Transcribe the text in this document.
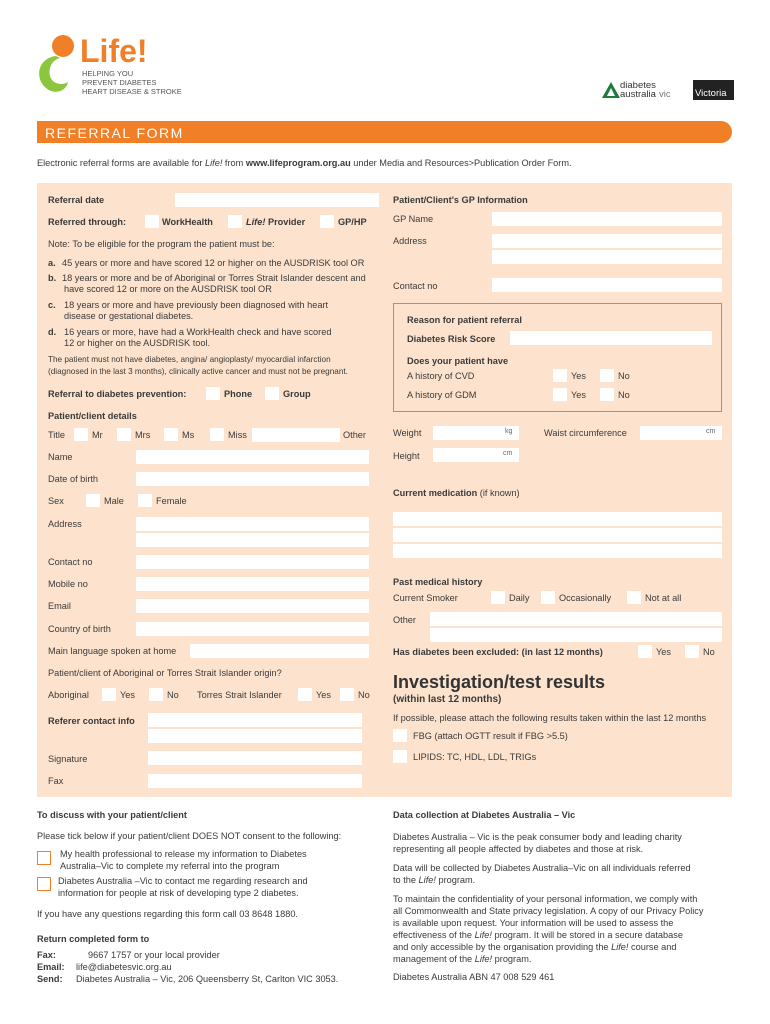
Life!
HELPING YOU
PREVENT DIABETES
HEART DISEASE & STROKE
diabetes
australia vic	Victoria
REFERRAL FORM
Electronic referral forms are available for Life! from www.lifeprogram.org.au under Media and Resources>Publication Order Form.
Referral date
Referred through:	WorkHealth	Life! Provider	GP/HP
Note: To be eligible for the program the patient must be:
a. 45 years or more and have scored 12 or higher on the AUSDRISK tool OR
b. 18 years or more and be of Aboriginal or Torres Strait Islander descent and
have scored 12 or more on the AUSDRISK tool OR
c. 18 years or more and have previously been diagnosed with heart
disease or gestational diabetes.
d. 16 years or more, have had a WorkHealth check and have scored
12 or higher on the AUSDRISK tool.
The patient must not have diabetes, angina/ angioplasty/ myocardial infarction
(diagnosed in the last 3 months), clinically active cancer and must not be pregnant.
Referral to diabetes prevention:	Phone	Group
Patient/client details
Title	Mr	Mrs	Ms	Miss	Other
Name
Date of birth
Sex	Male	Female
Address
Contact no
Mobile no
Email
Country of birth
Main language spoken at home
Patient/client of Aboriginal or Torres Strait Islander origin?
Aboriginal	Yes	No Torres Strait Islander	Yes	No
Referer contact info
Signature
Fax
Patient/Client's GP Information
GP Name
Address
Contact no
Reason for patient referral
Diabetes Risk Score
Does your patient have
A history of CVD	Yes	No
A history of GDM	Yes	No
Weight	kg	Waist circumference	cm
Height	cm
Current medication (if known)
Past medical history
Current Smoker	Daily	Occasionally	Not at all
Other
Has diabetes been excluded: (in last 12 months)	Yes	No
Investigation/test results
(within last 12 months)
If possible, please attach the following results taken within the last 12 months
FBG (attach OGTT result if FBG >5.5)
LIPIDS: TC, HDL, LDL, TRIGs
To discuss with your patient/client
Please tick below if your patient/client DOES NOT consent to the following:
My health professional to release my information to Diabetes
Australia–Vic to complete my referral into the program
Diabetes Australia –Vic to contact me regarding research and
information for people at risk of developing type 2 diabetes.
If you have any questions regarding this form call 03 8648 1880.
Return completed form to
Fax:	9667 1757 or your local provider
Email: life@diabetesvic.org.au
Send: Diabetes Australia – Vic, 206 Queensberry St, Carlton VIC 3053.
Data collection at Diabetes Australia – Vic
Diabetes Australia – Vic is the peak consumer body and leading charity
representing all people affected by diabetes and those at risk.
Data will be collected by Diabetes Australia–Vic on all individuals referred
to the Life! program.
To maintain the confidentiality of your personal information, we comply with
all Commonwealth and State privacy legislation. A copy of our Privacy Policy
is available upon request. Your information will be used to assess the
effectiveness of the Life! program. It will be stored in a secure database
and only accessible by the organisation providing the Life! course and
management of the Life! program.
Diabetes Australia ABN 47 008 529 461
